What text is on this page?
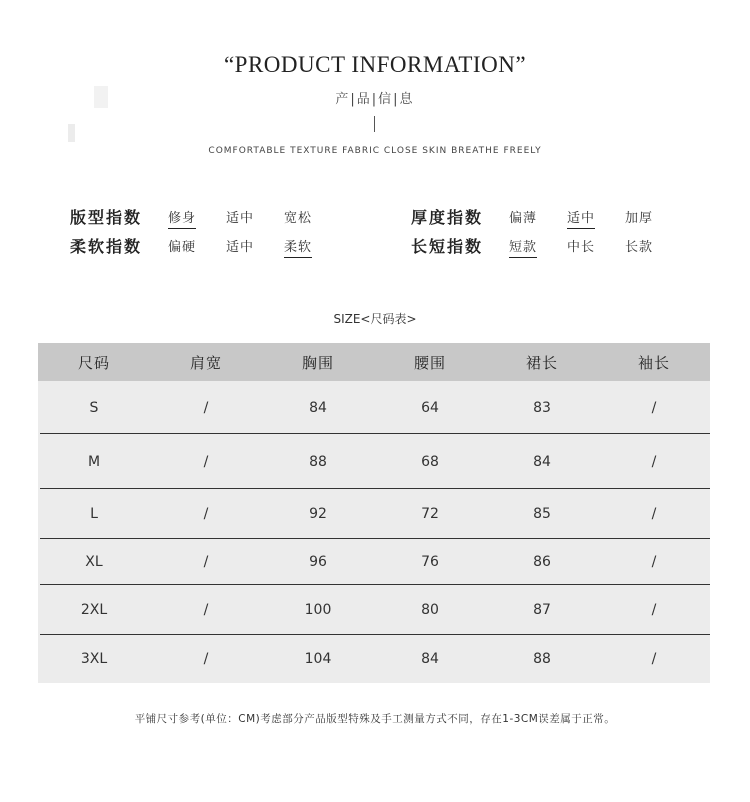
“PRODUCT INFORMATION”
产|品|信|息
COMFORTABLE TEXTURE FABRIC CLOSE SKIN BREATHE FREELY
版型指数	修身	适中	宽松
柔软指数	偏硬	适中	柔软
厚度指数	偏薄	适中	加厚
长短指数	短款	中长	长款
SIZE<尺码表>
尺码	肩宽	胸围	腰围	裙长	袖长
S	/	84	64	83	/
M	/	88	68	84	/
L	/	92	72	85	/
XL	/	96	76	86	/
2XL	/	100	80	87	/
3XL	/	104	84	88	/
平铺尺寸参考(单位：CM)考虑部分产品版型特殊及手工测量方式不同，存在1-3CM误差属于正常。
